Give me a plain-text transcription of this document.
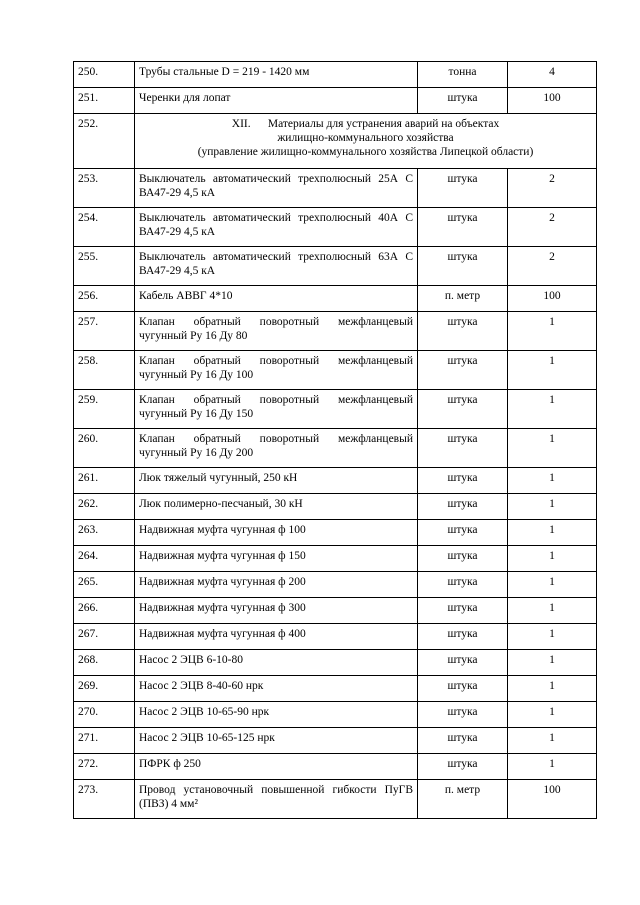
250.	Трубы стальные D = 219 - 1420 мм	тонна	4
251.	Черенки для лопат	штука	100
252.	XII.      Материалы для устранения аварий на объектах
жилищно-коммунального хозяйства
(управление жилищно-коммунального хозяйства Липецкой области)		

253.	Выключатель автоматический трехполюсный 25А С ВА47-29 4,5 кА	штука	2
254.	Выключатель автоматический трехполюсный 40А С ВА47-29 4,5 кА	штука	2
255.	Выключатель автоматический трехполюсный 63А С ВА47-29 4,5 кА	штука	2
256.	Кабель АВВГ 4*10	п. метр	100
257.	Клапан обратный поворотный межфланцевый чугунный Ру 16 Ду 80	штука	1
258.	Клапан обратный поворотный межфланцевый чугунный Ру 16 Ду 100	штука	1
259.	Клапан обратный поворотный межфланцевый чугунный Ру 16 Ду 150	штука	1
260.	Клапан обратный поворотный межфланцевый чугунный Ру 16 Ду 200	штука	1
261.	Люк тяжелый чугунный, 250 кН	штука	1
262.	Люк полимерно-песчаный, 30 кН	штука	1
263.	Надвижная муфта чугунная ф 100	штука	1
264.	Надвижная муфта чугунная ф 150	штука	1
265.	Надвижная муфта чугунная ф 200	штука	1
266.	Надвижная муфта чугунная ф 300	штука	1
267.	Надвижная муфта чугунная ф 400	штука	1
268.	Насос 2 ЭЦВ 6-10-80	штука	1
269.	Насос 2 ЭЦВ 8-40-60 нрк	штука	1
270.	Насос 2 ЭЦВ 10-65-90 нрк	штука	1
271.	Насос 2 ЭЦВ 10-65-125 нрк	штука	1
272.	ПФРК ф 250	штука	1
273.	Провод установочный повышенной гибкости ПуГВ (ПВЗ) 4 мм²	п. метр	100
